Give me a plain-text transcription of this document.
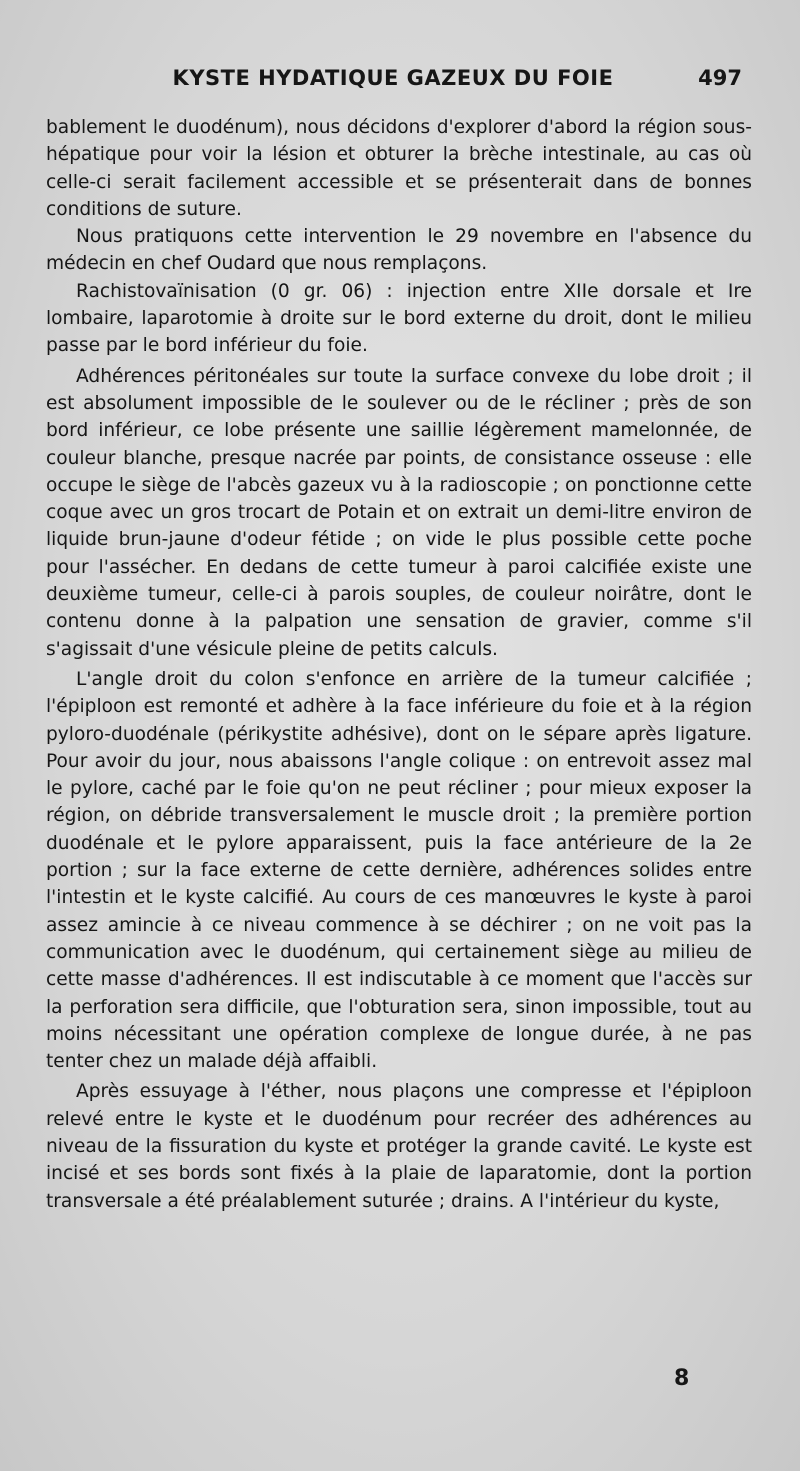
KYSTE HYDATIQUE GAZEUX DU FOIE	497

bablement le duodénum), nous décidons d'explorer d'abord la région sous-hépatique pour voir la lésion et obturer la brèche intestinale, au cas où celle-ci serait facilement accessible et se présenterait dans de bonnes conditions de suture.

Nous pratiquons cette intervention le 29 novembre en l'absence du médecin en chef Oudard que nous remplaçons.

Rachistovaïnisation (0 gr. 06) : injection entre XIIe dorsale et Ire lombaire, laparotomie à droite sur le bord externe du droit, dont le milieu passe par le bord inférieur du foie.

Adhérences péritonéales sur toute la surface convexe du lobe droit ; il est absolument impossible de le soulever ou de le récliner ; près de son bord inférieur, ce lobe présente une saillie légèrement mamelonnée, de couleur blanche, presque nacrée par points, de consistance osseuse : elle occupe le siège de l'abcès gazeux vu à la radioscopie ; on ponctionne cette coque avec un gros trocart de Potain et on extrait un demi-litre environ de liquide brun-jaune d'odeur fétide ; on vide le plus possible cette poche pour l'assécher. En dedans de cette tumeur à paroi calcifiée existe une deuxième tumeur, celle-ci à parois souples, de couleur noirâtre, dont le contenu donne à la palpation une sensation de gravier, comme s'il s'agissait d'une vésicule pleine de petits calculs.

L'angle droit du colon s'enfonce en arrière de la tumeur calcifiée ; l'épiploon est remonté et adhère à la face inférieure du foie et à la région pyloro-duodénale (périkystite adhésive), dont on le sépare après ligature. Pour avoir du jour, nous abaissons l'angle colique : on entrevoit assez mal le pylore, caché par le foie qu'on ne peut récliner ; pour mieux exposer la région, on débride transversalement le muscle droit ; la première portion duodénale et le pylore apparaissent, puis la face antérieure de la 2e portion ; sur la face externe de cette dernière, adhérences solides entre l'intestin et le kyste calcifié. Au cours de ces manœuvres le kyste à paroi assez amincie à ce niveau commence à se déchirer ; on ne voit pas la communication avec le duodénum, qui certainement siège au milieu de cette masse d'adhérences. Il est indiscutable à ce moment que l'accès sur la perforation sera difficile, que l'obturation sera, sinon impossible, tout au moins nécessitant une opération complexe de longue durée, à ne pas tenter chez un malade déjà affaibli.

Après essuyage à l'éther, nous plaçons une compresse et l'épiploon relevé entre le kyste et le duodénum pour recréer des adhérences au niveau de la fissuration du kyste et protéger la grande cavité. Le kyste est incisé et ses bords sont fixés à la plaie de laparatomie, dont la portion transversale a été préalablement suturée ; drains. A l'intérieur du kyste,

8
